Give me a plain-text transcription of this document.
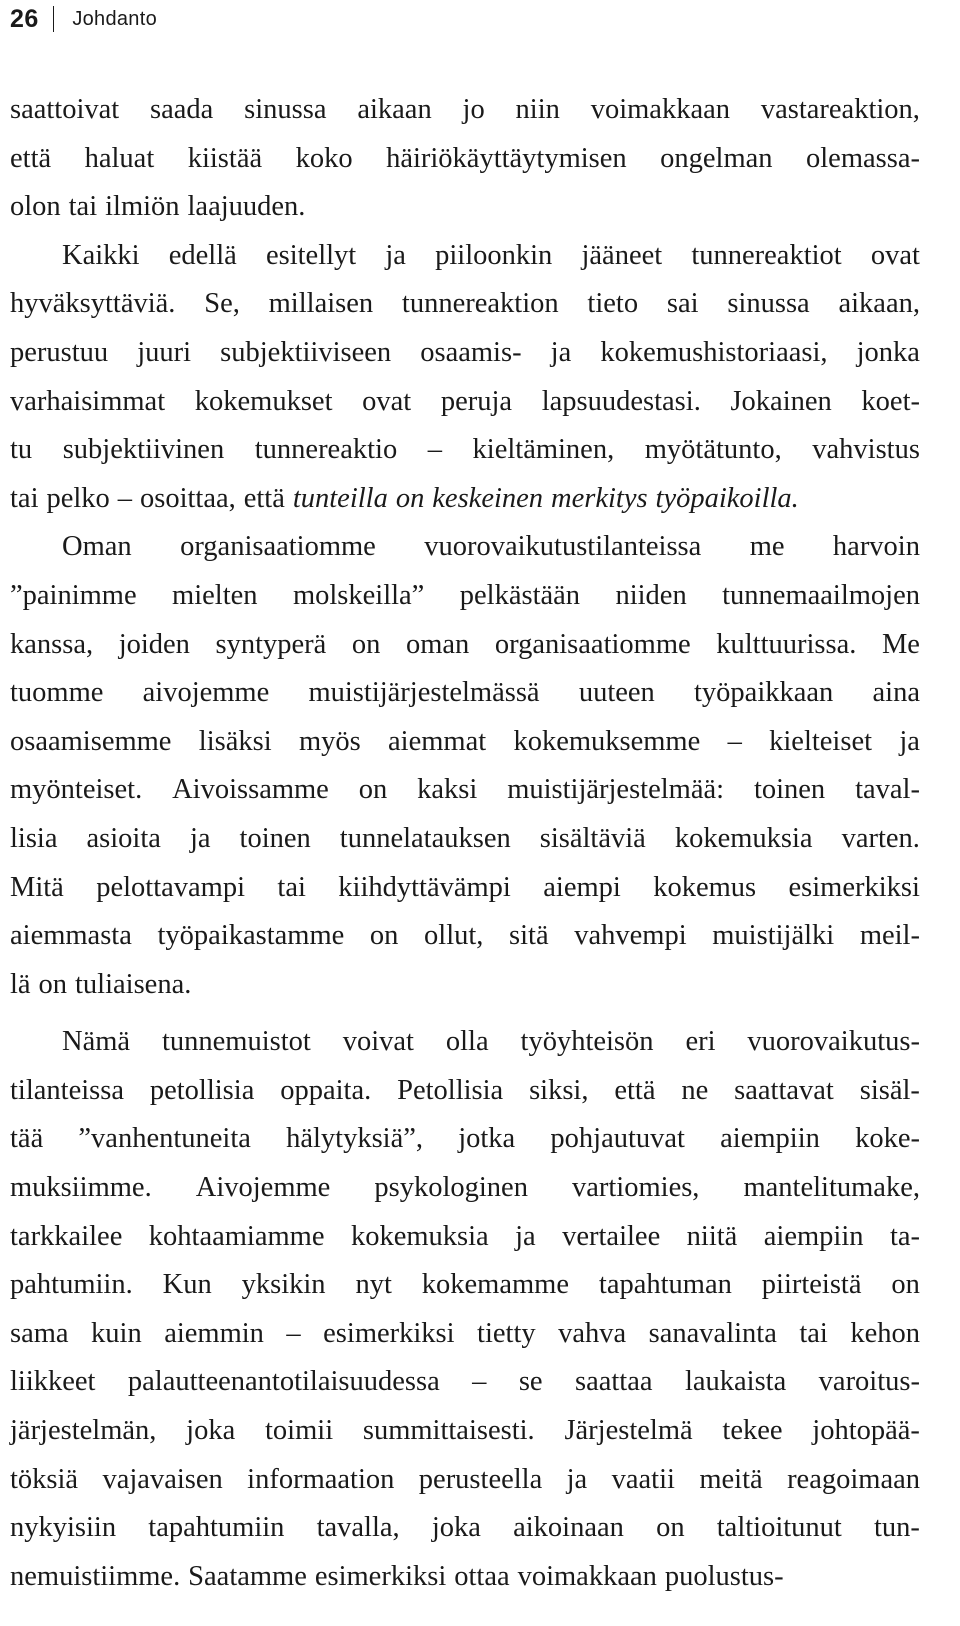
26 Johdanto
saattoivat saada sinussa aikaan jo niin voimakkaan vastareaktion,
että haluat kiistää koko häiriökäyttäytymisen ongelman olemassa-
olon tai ilmiön laajuuden.
Kaikki edellä esitellyt ja piiloonkin jääneet tunnereaktiot ovat
hyväksyttäviä. Se, millaisen tunnereaktion tieto sai sinussa aikaan,
perustuu juuri subjektiiviseen osaamis- ja kokemushistoriaasi, jonka
varhaisimmat kokemukset ovat peruja lapsuudestasi. Jokainen koet-
tu subjektiivinen tunnereaktio – kieltäminen, myötätunto, vahvistus
tai pelko – osoittaa, että tunteilla on keskeinen merkitys työpaikoilla.
Oman organisaatiomme vuorovaikutustilanteissa me harvoin
”painimme mielten molskeilla” pelkästään niiden tunnemaailmojen
kanssa, joiden syntyperä on oman organisaatiomme kulttuurissa. Me
tuomme aivojemme muistijärjestelmässä uuteen työpaikkaan aina
osaamisemme lisäksi myös aiemmat kokemuksemme – kielteiset ja
myönteiset. Aivoissamme on kaksi muistijärjestelmää: toinen taval-
lisia asioita ja toinen tunnelatauksen sisältäviä kokemuksia varten.
Mitä pelottavampi tai kiihdyttävämpi aiempi kokemus esimerkiksi
aiemmasta työpaikastamme on ollut, sitä vahvempi muistijälki meil-
lä on tuliaisena.
Nämä tunnemuistot voivat olla työyhteisön eri vuorovaikutus-
tilanteissa petollisia oppaita. Petollisia siksi, että ne saattavat sisäl-
tää ”vanhentuneita hälytyksiä”, jotka pohjautuvat aiempiin koke-
muksiimme. Aivojemme psykologinen vartiomies, mantelitumake,
tarkkailee kohtaamiamme kokemuksia ja vertailee niitä aiempiin ta-
pahtumiin. Kun yksikin nyt kokemamme tapahtuman piirteistä on
sama kuin aiemmin – esimerkiksi tietty vahva sanavalinta tai kehon
liikkeet palautteenantotilaisuudessa – se saattaa laukaista varoitus-
järjestelmän, joka toimii summittaisesti. Järjestelmä tekee johtopää-
töksiä vajavaisen informaation perusteella ja vaatii meitä reagoimaan
nykyisiin tapahtumiin tavalla, joka aikoinaan on taltioitunut tun-
nemuistiimme. Saatamme esimerkiksi ottaa voimakkaan puolustus-
